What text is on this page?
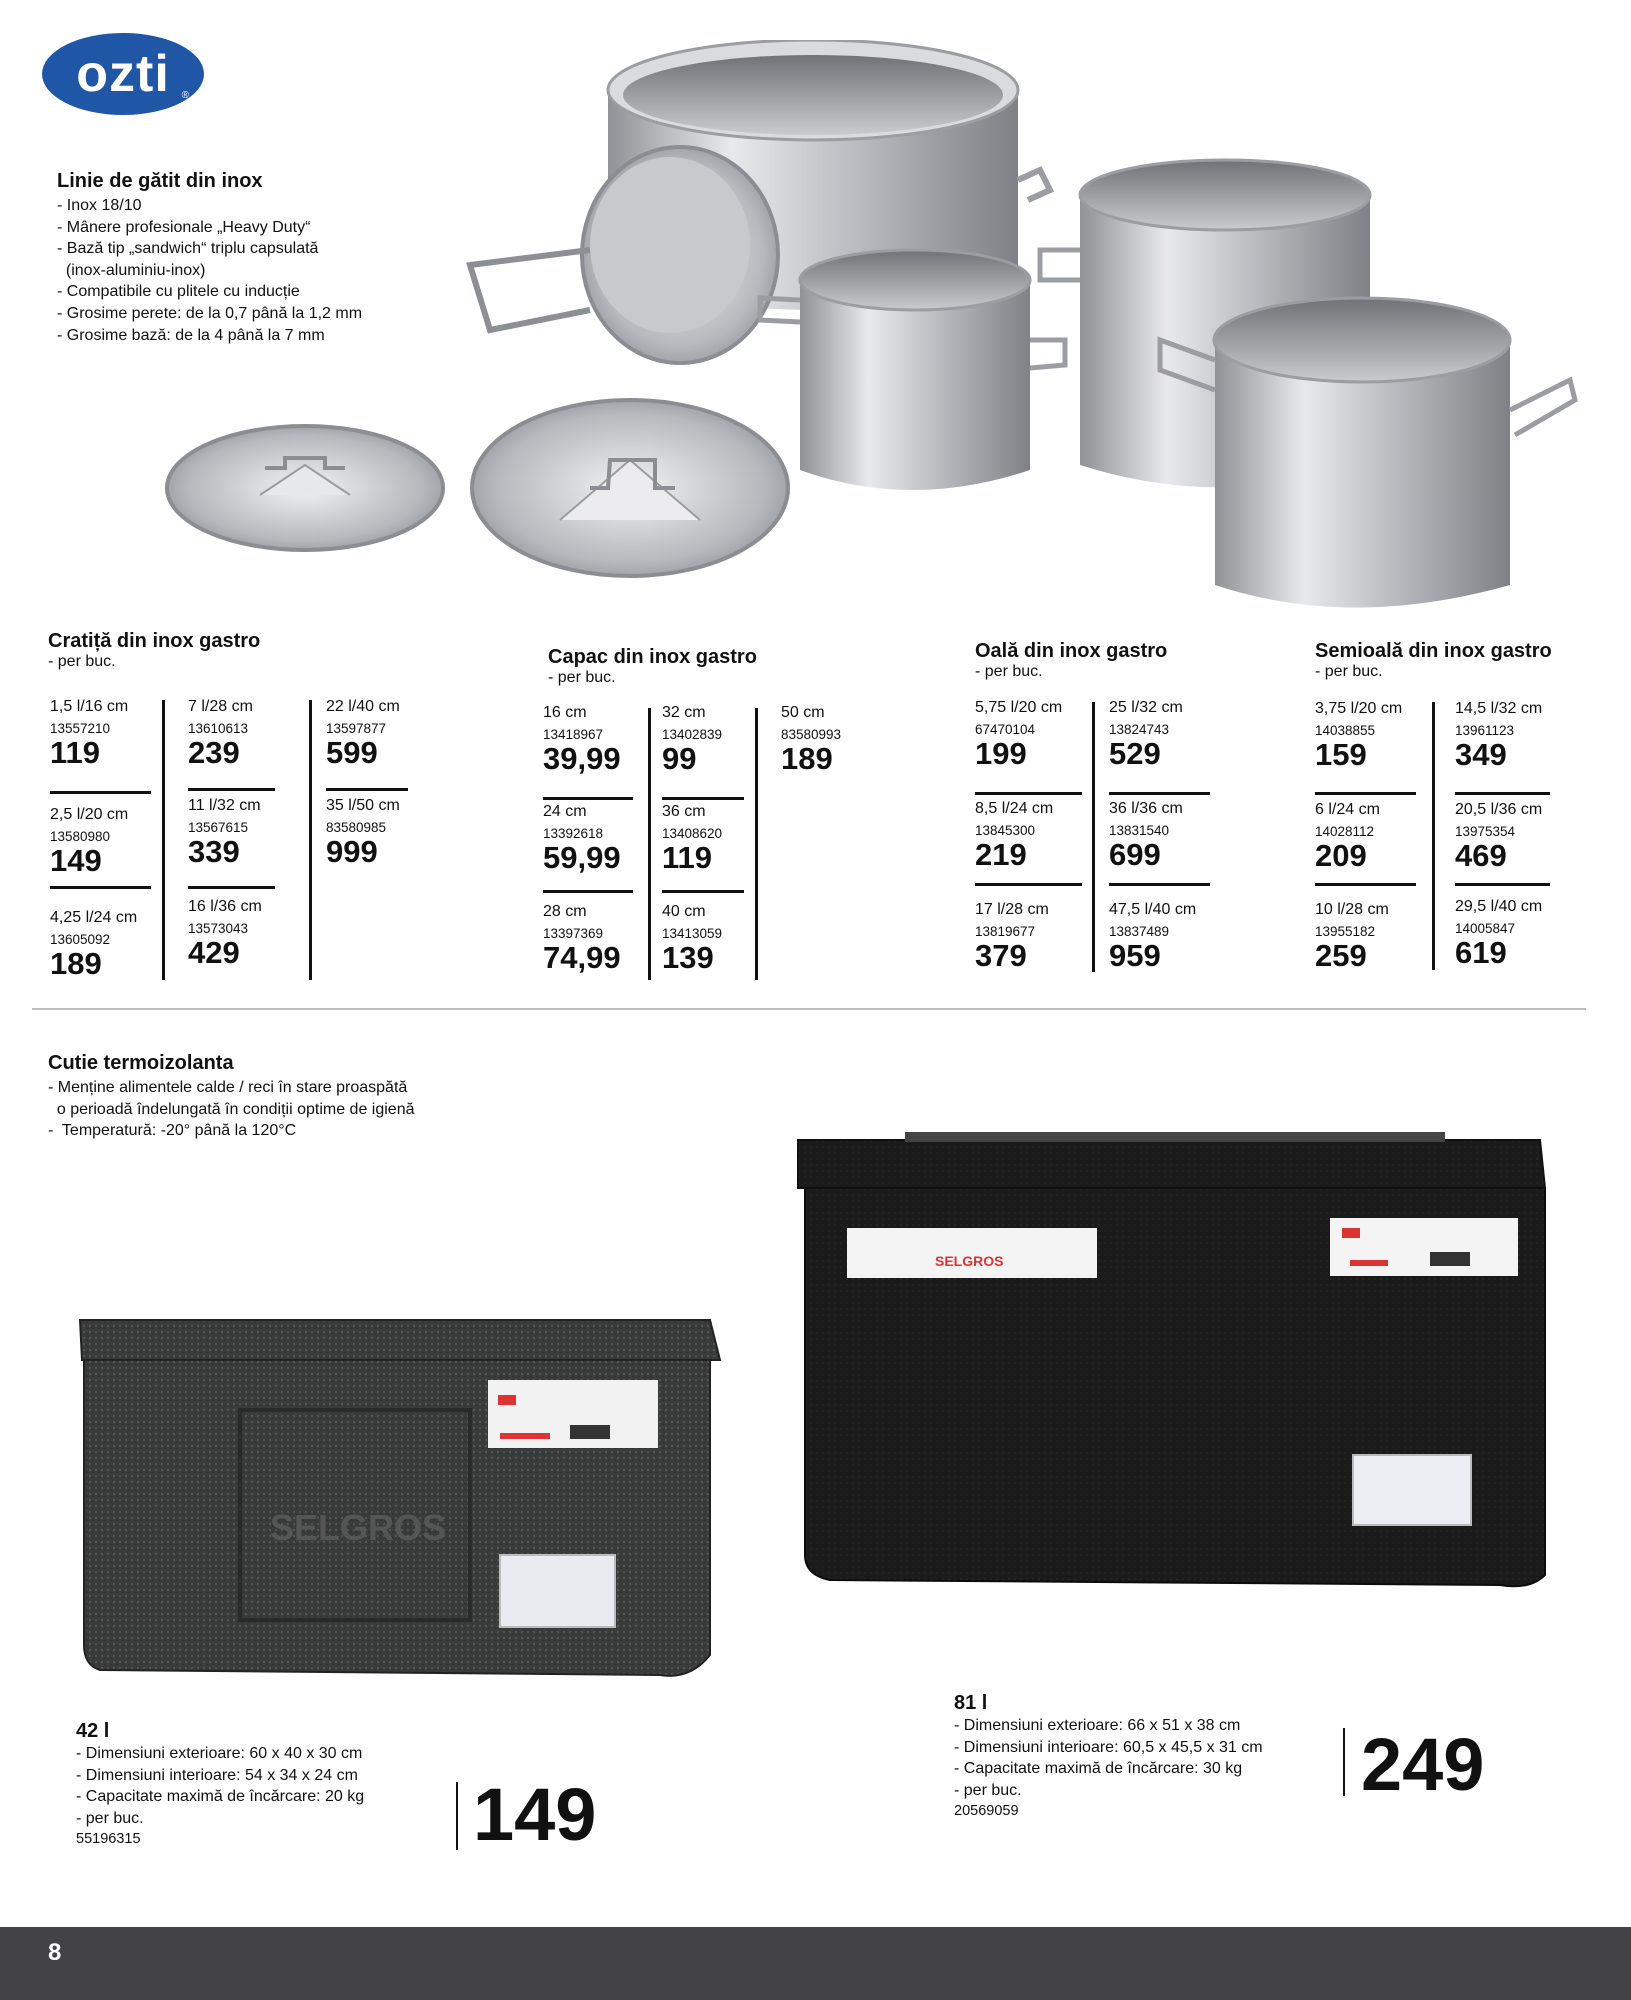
ozti ®
Linie de gătit din inox
- Inox 18/10
- Mânere profesionale „Heavy Duty“
- Bază tip „sandwich“ triplu capsulată
(inox-aluminiu-inox)
- Compatibile cu plitele cu inducție
- Grosime perete: de la 0,7 până la 1,2 mm
- Grosime bază: de la 4 până la 7 mm
Cratiță din inox gastro
- per buc.
1,5 l/16 cm
13557210
119
2,5 l/20 cm
13580980
149
4,25 l/24 cm
13605092
189
7 l/28 cm
13610613
239
11 l/32 cm
13567615
339
16 l/36 cm
13573043
429
22 l/40 cm
13597877
599
35 l/50 cm
83580985
999
Capac din inox gastro
- per buc.
16 cm
13418967
39,99
24 cm
13392618
59,99
28 cm
13397369
74,99
32 cm
13402839
99
36 cm
13408620
119
40 cm
13413059
139
50 cm
83580993
189
Oală din inox gastro
- per buc.
5,75 l/20 cm
67470104
199
8,5 l/24 cm
13845300
219
17 l/28 cm
13819677
379
25 l/32 cm
13824743
529
36 l/36 cm
13831540
699
47,5 l/40 cm
13837489
959
Semioală din inox gastro
- per buc.
3,75 l/20 cm
14038855
159
6 l/24 cm
14028112
209
10 l/28 cm
13955182
259
14,5 l/32 cm
13961123
349
20,5 l/36 cm
13975354
469
29,5 l/40 cm
14005847
619
Cutie termoizolanta
- Menține alimentele calde / reci în stare proaspătă
o perioadă îndelungată în condiții optime de igienă
-  Temperatură: -20° până la 120°C
SELGROS
SELGROS
42 l
- Dimensiuni exterioare: 60 x 40 x 30 cm
- Dimensiuni interioare: 54 x 34 x 24 cm
- Capacitate maximă de încărcare: 20 kg
- per buc.
55196315	149
81 l
- Dimensiuni exterioare: 66 x 51 x 38 cm
- Dimensiuni interioare: 60,5 x 45,5 x 31 cm
- Capacitate maximă de încărcare: 30 kg
- per buc.
20569059
249
8
